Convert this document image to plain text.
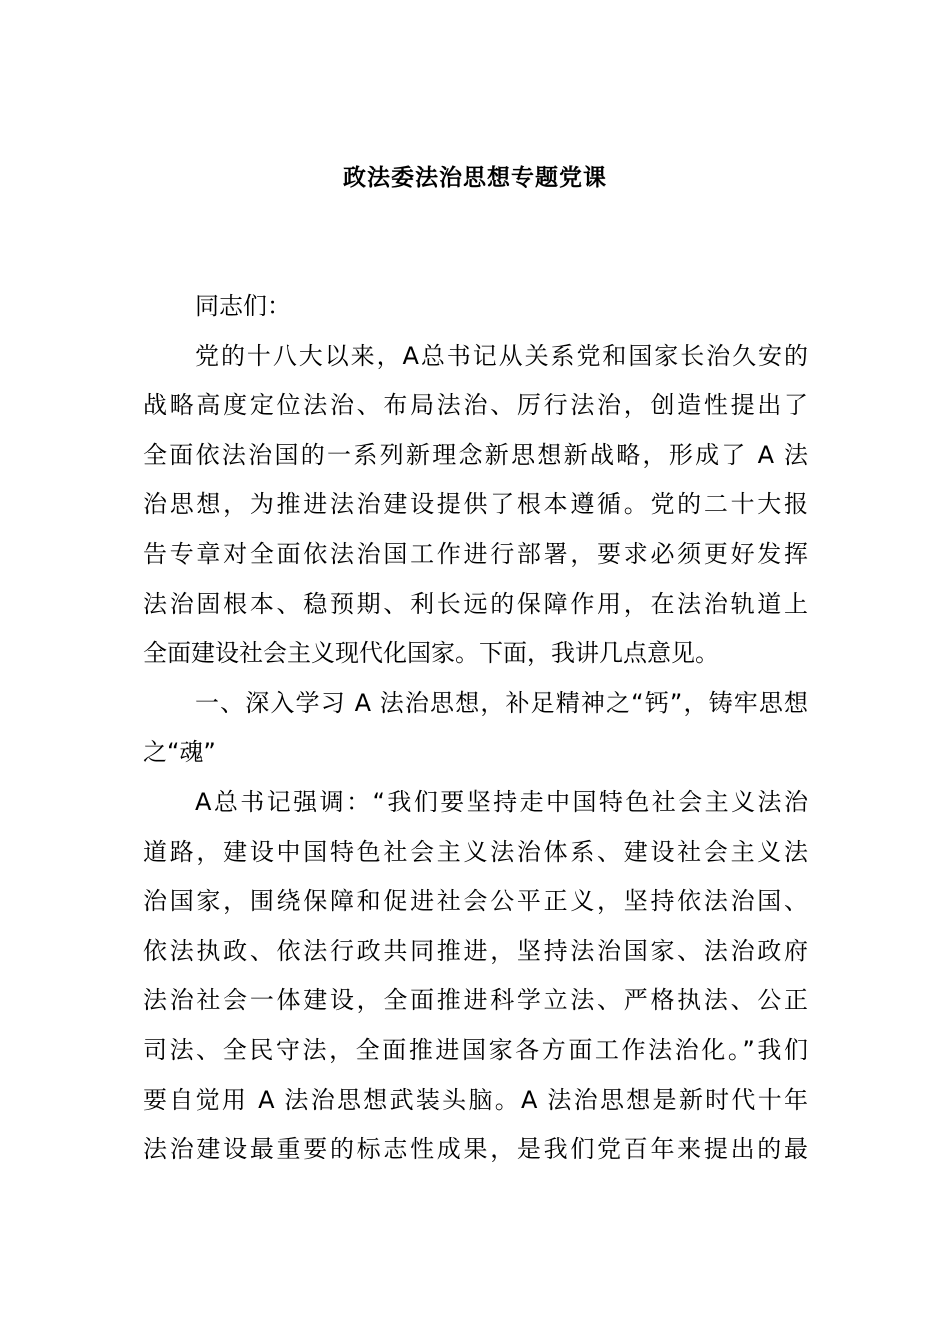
政法委法治思想专题党课
同志们：
党的十八大以来，A总书记从关系党和国家长治久安的
战略高度定位法治、布局法治、厉行法治，创造性提出了
全面依法治国的一系列新理念新思想新战略，形成了 A 法
治思想，为推进法治建设提供了根本遵循。党的二十大报
告专章对全面依法治国工作进行部署，要求必须更好发挥
法治固根本、稳预期、利长远的保障作用，在法治轨道上
全面建设社会主义现代化国家。下面，我讲几点意见。
一、深入学习 A 法治思想，补足精神之“钙”，铸牢思想
之“魂”
A总书记强调：“我们要坚持走中国特色社会主义法治
道路，建设中国特色社会主义法治体系、建设社会主义法
治国家，围绕保障和促进社会公平正义，坚持依法治国、
依法执政、依法行政共同推进，坚持法治国家、法治政府
法治社会一体建设，全面推进科学立法、严格执法、公正
司法、全民守法，全面推进国家各方面工作法治化。”我们
要自觉用 A 法治思想武装头脑。A 法治思想是新时代十年
法治建设最重要的标志性成果，是我们党百年来提出的最
